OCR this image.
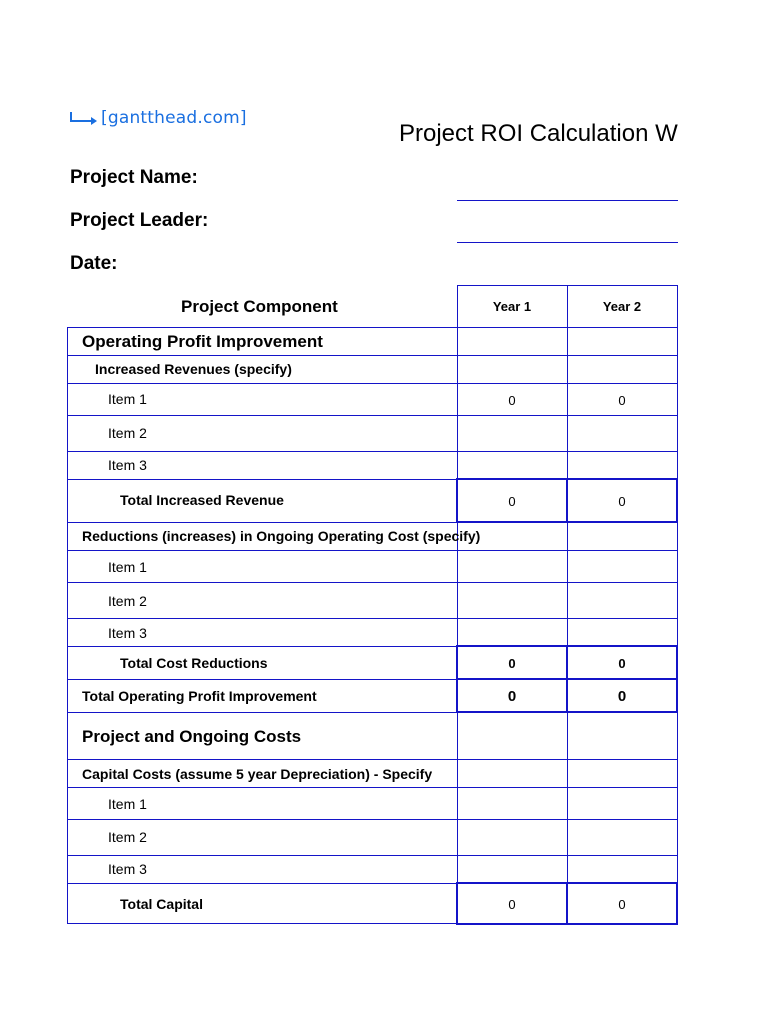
[gantthead.com]
Project ROI Calculation W
Project Name:
Project Leader:
Date:
Project Component	Year 1	Year 2
Operating Profit Improvement
Increased Revenues (specify)
Item 1	0	0
Item 2
Item 3
Total Increased Revenue	0	0
Reductions (increases) in Ongoing Operating Cost (specify)
Item 1
Item 2
Item 3
Total Cost Reductions	0	0
Total Operating Profit Improvement	0	0
Project and Ongoing Costs
Capital Costs (assume 5 year Depreciation) - Specify
Item 1
Item 2
Item 3
Total Capital	0	0
